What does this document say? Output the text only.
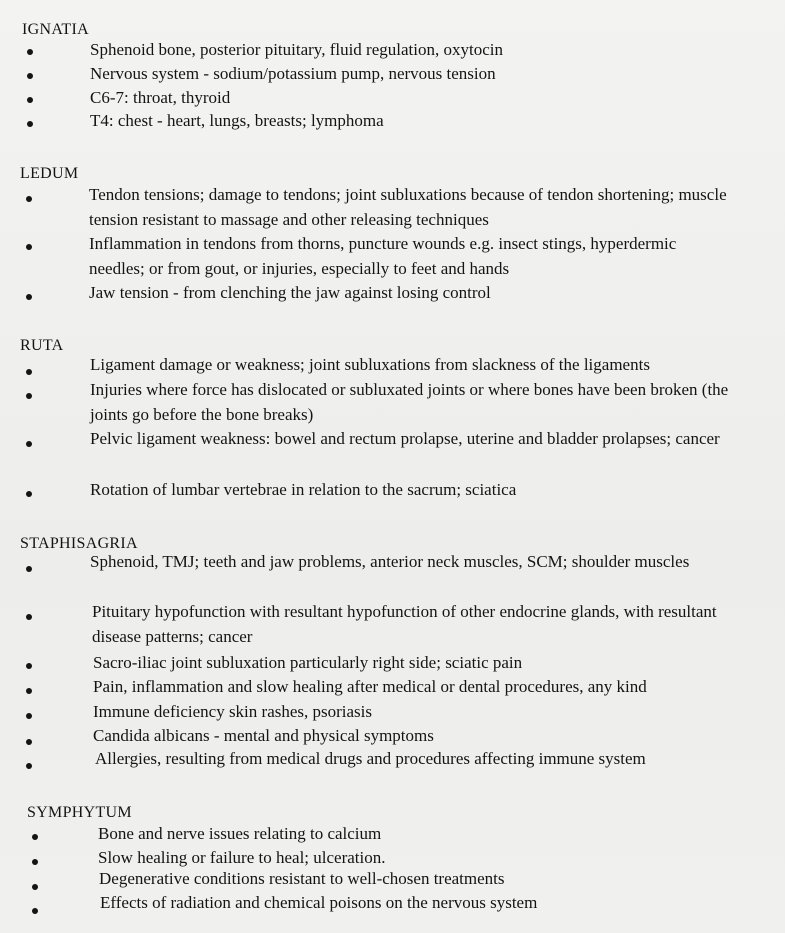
IGNATIA
Sphenoid bone, posterior pituitary, fluid regulation, oxytocin
Nervous system - sodium/potassium pump, nervous tension
C6-7: throat, thyroid
T4: chest - heart, lungs, breasts; lymphoma
LEDUM
Tendon tensions; damage to tendons; joint subluxations because of tendon shortening; muscle tension resistant to massage and other releasing techniques
Inflammation in tendons from thorns, puncture wounds e.g. insect stings, hyperdermic needles; or from gout, or injuries, especially to feet and hands
Jaw tension - from clenching the jaw against losing control
RUTA
Ligament damage or weakness; joint subluxations from slackness of the ligaments
Injuries where force has dislocated or subluxated joints or where bones have been broken (the joints go before the bone breaks)
Pelvic ligament weakness: bowel and rectum prolapse, uterine and bladder prolapses; cancer
Rotation of lumbar vertebrae in relation to the sacrum; sciatica
STAPHISAGRIA
Sphenoid, TMJ; teeth and jaw problems, anterior neck muscles, SCM; shoulder muscles
Pituitary hypofunction with resultant hypofunction of other endocrine glands, with resultant disease patterns; cancer
Sacro-iliac joint subluxation particularly right side; sciatic pain
Pain, inflammation and slow healing after medical or dental procedures, any kind
Immune deficiency skin rashes, psoriasis
Candida albicans - mental and physical symptoms
Allergies, resulting from medical drugs and procedures affecting immune system
SYMPHYTUM
Bone and nerve issues relating to calcium
Slow healing or failure to heal; ulceration.
Degenerative conditions resistant to well-chosen treatments
Effects of radiation and chemical poisons on the nervous system
